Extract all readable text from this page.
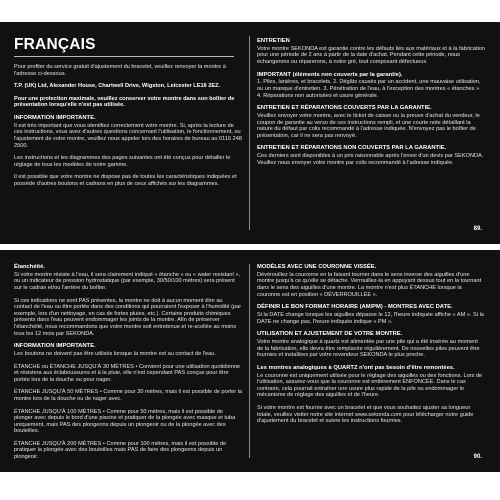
FRANÇAIS

Pour profiter du service gratuit d'ajustement du bracelet, veuillez renvoyer la montre à l'adresse ci-dessous.

T.P. (UK) Ltd, Alexander House, Chartwell Drive, Wigston, Leicester LE18 2EZ.

Pour une protection maximale, veuillez conserver votre montre dans son boîtier de présentation lorsqu'elle n'est pas utilisée.

INFORMATION IMPORTANTE.

Il est très important que vous identifiez correctement votre montre. Si, après la lecture de ces instructions, vous avez d'autres questions concernant l'utilisation, le fonctionnement, ou l'ajustement de votre montre, veuillez nous appeler lors des horaires de bureau au 0116 248 2500.

Les instructions et les diagrammes des pages suivantes ont été conçus pour détailler le réglage de tous les modèles de notre gamme.

Il est possible que votre montre ne dispose pas de toutes les caractéristiques indiquées et possède d'autres boutons et cadrans en plus de ceux affichés sur les diagrammes.

ENTRETIEN

Votre montre SEKONDA est garantie contre les défauts liés aux matériaux et à la fabrication pour une période de 2 ans à partir de la date d'achat. Pendant cette période, nous échangerons ou réparerons, à notre gré, tout composant défectueux.

IMPORTANT (éléments non couverts par la garantie).

1. Piles, lanières, et bracelets. 2. Dégâts causés par un accident, une mauvaise utilisation, ou un manque d'entretien. 3. Pénétration de l'eau, à l'exception des montres « étanches ». 4. Réparations non autorisées et usure générale.

ENTRETIEN ET RÉPARATIONS COUVERTS PAR LA GARANTIE.

Veuillez envoyer votre montre, avec le ticket de caisse ou la preuve d'achat du vendeur, le coupon de garantie au verso de ces instructions rempli, et une courte note détaillant la nature du défaut par colis recommandé à l'adresse indiquée. N'envoyez pas le boîtier de présentation, car il ne sera pas renvoyé.

ENTRETIEN ET RÉPARATIONS NON COUVERTS PAR LA GARANTIE.

Ces derniers sont disponibles à un prix raisonnable après l'envoi d'un devis par SEKONDA. Veuillez nous envoyer votre montre par colis recommandé à l'adresse indiquée.

89.
Étanchéité.

Si votre montre résiste à l'eau, il sera clairement indiqué « étanche » ou « water resistant », ou un indicateur de pression hydrostatique (par exemple, 30/50/100 mètres) sera présent sur le cadran et/ou l'arrière du boîtier.

Si ces indications ne sont PAS présentes, la montre ne doit à aucun moment être au contact de l'eau ou être portée dans des conditions qui pourraient l'exposer à l'humidité (par exemple, lors d'un nettoyage, en cas de fortes pluies, etc.). Certains produits chimiques présents dans l'eau peuvent endommager les joints de la montre. Afin de préserver l'étanchéité, nous recommandons que votre montre soit entretenue et re-scellée au moins tous les 12 mois par SEKONDA.

INFORMATION IMPORTANTE.

Les boutons ne doivent pas être utilisés lorsque la montre est au contact de l'eau.

ÉTANCHE ou ÉTANCHE JUSQU'À 30 MÈTRES • Convient pour une utilisation quotidienne et résistera aux éclaboussures et à la pluie, elle n'est cependant PAS conçue pour être portée lors de la douche ou pour nager.

ÉTANCHE JUSQU'À 50 MÈTRES • Comme pour 30 mètres, mais il est possible de porter la montre lors de la douche ou de nager avec.

ÉTANCHE JUSQU'À 100 MÈTRES • Comme pour 50 mètres, mais il est possible de plonger avec depuis le bord d'une piscine et pratiquer de la plongée avec masque et tuba uniquement, mais PAS des plongeons depuis un plongeoir ou de la plongée avec des bouteilles.

ÉTANCHE JUSQU'À 200 MÈTRES • Comme pour 100 mètres, mais il est possible de pratiquer la plongée avec des bouteilles mais PAS de faire des plongeons depuis un plongeoir.

MODÈLES AVEC UNE COURONNE VISSÉE.

Dévérouillez la couronne en la faisant tourner dans le sens inverse des aiguilles d'une montre jusqu'à ce qu'elle se détache. Verrouillez-la en appuyant dessus tout en la tournant dans le sens des aiguilles d'une montre. La montre n'est plus ÉTANCHE lorsque la couronne est en position « DÉVERROUILLÉE ».

DÉFINIR LE BON FORMAT HORAIRE (AM/PM) - MONTRES AVEC DATE.

Si la DATE change lorsque les aiguilles dépasse le 12, l'heure indiquée affiche « AM ». Si la DATE ne change pas, l'heure indiquée indique « PM ».

UTILISATION ET AJUSTEMENT DE VOTRE MONTRE.

Votre montre analogique à quartz est alimentée par une pile qui a été insérée au moment de la fabrication, elle devra être remplacée régulièrement. De nouvelles piles peuvent être fournies et installées par votre revendeur SEKONDA le plus proche.

Les montres analogiques à QUARTZ n'ont pas besoin d'être remontées.

Le couronne est uniquement utilisée pour le réglage des aiguilles ou des fonctions. Lors de l'utilisation, assurez-vous que la couronne est entièrement ENFONCÉE. Dans le cas contraire, cela pourrait entraîner une usure plus rapide de la pile ou endommager le mécanisme de réglage des aiguilles et de l'heure.

Si votre montre est fournie avec un bracelet et que vous souhaitez ajuster sa longueur totale, veuillez visiter notre site internet www.sekonda.com pour télécharger notre guide d'ajustement du bracelet et suivre les instructions fournies.

90.
